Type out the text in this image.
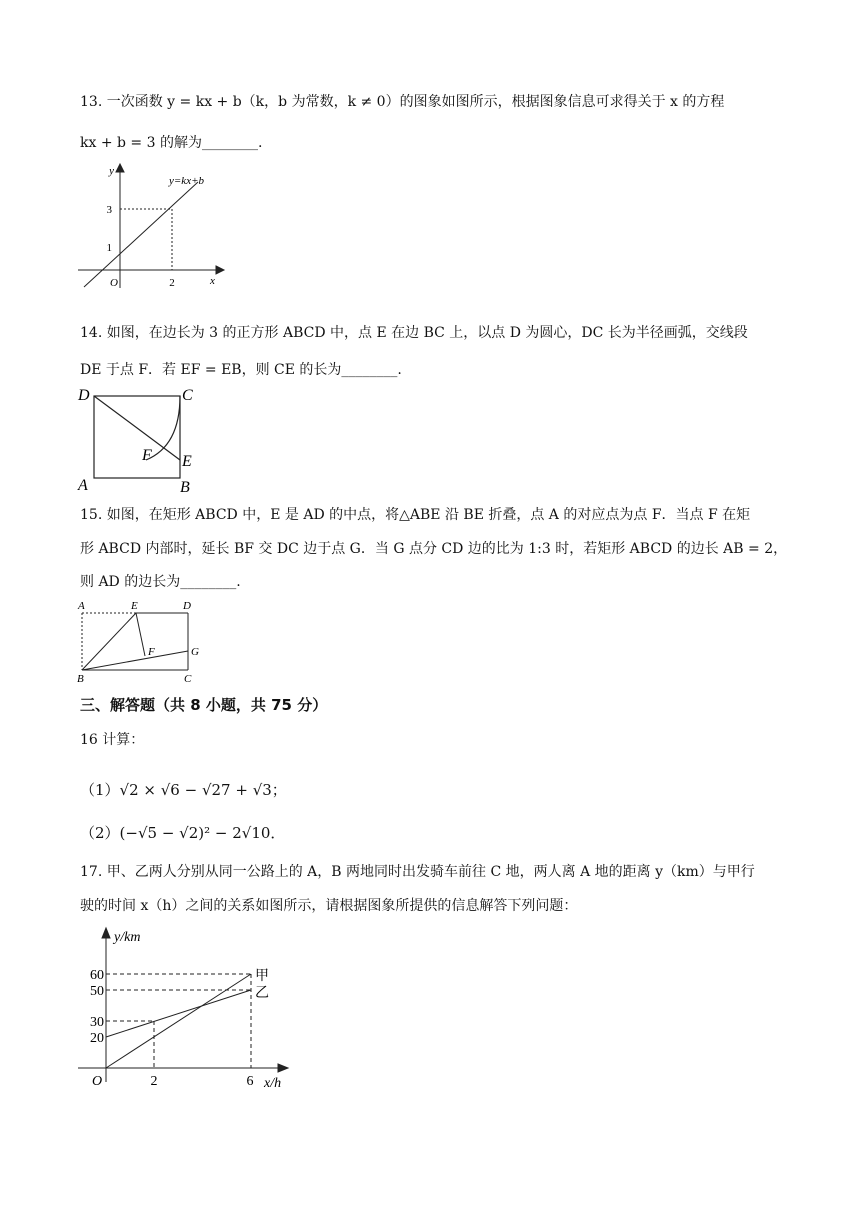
13. 一次函数 y = kx + b（k，b 为常数，k ≠ 0）的图象如图所示，根据图象信息可求得关于 x 的方程
kx + b = 3 的解为________.
y
x
O
y=kx+b
3
1
2
14. 如图，在边长为 3 的正方形 ABCD 中，点 E 在边 BC 上，以点 D 为圆心，DC 长为半径画弧，交线段
DE 于点 F．若 EF = EB，则 CE 的长为________.
D	C
A	B
E
F
15. 如图，在矩形 ABCD 中，E 是 AD 的中点，将△ABE 沿 BE 折叠，点 A 的对应点为点 F．当点 F 在矩
形 ABCD 内部时，延长 BF 交 DC 边于点 G．当 G 点分 CD 边的比为 1:3 时，若矩形 ABCD 的边长 AB = 2，
则 AD 的边长为________.
A	E	D
F	G
B	C
三、解答题（共 8 小题，共 75 分）
16 计算：
（1）√2 × √6 − √27 + √3；
（2）(−√5 − √2)² − 2√10．
17. 甲、乙两人分别从同一公路上的 A，B 两地同时出发骑车前往 C 地，两人离 A 地的距离 y（km）与甲行
驶的时间 x（h）之间的关系如图所示，请根据图象所提供的信息解答下列问题：
y/km
x/h
O
60
50
30
20
2	6
甲
乙
